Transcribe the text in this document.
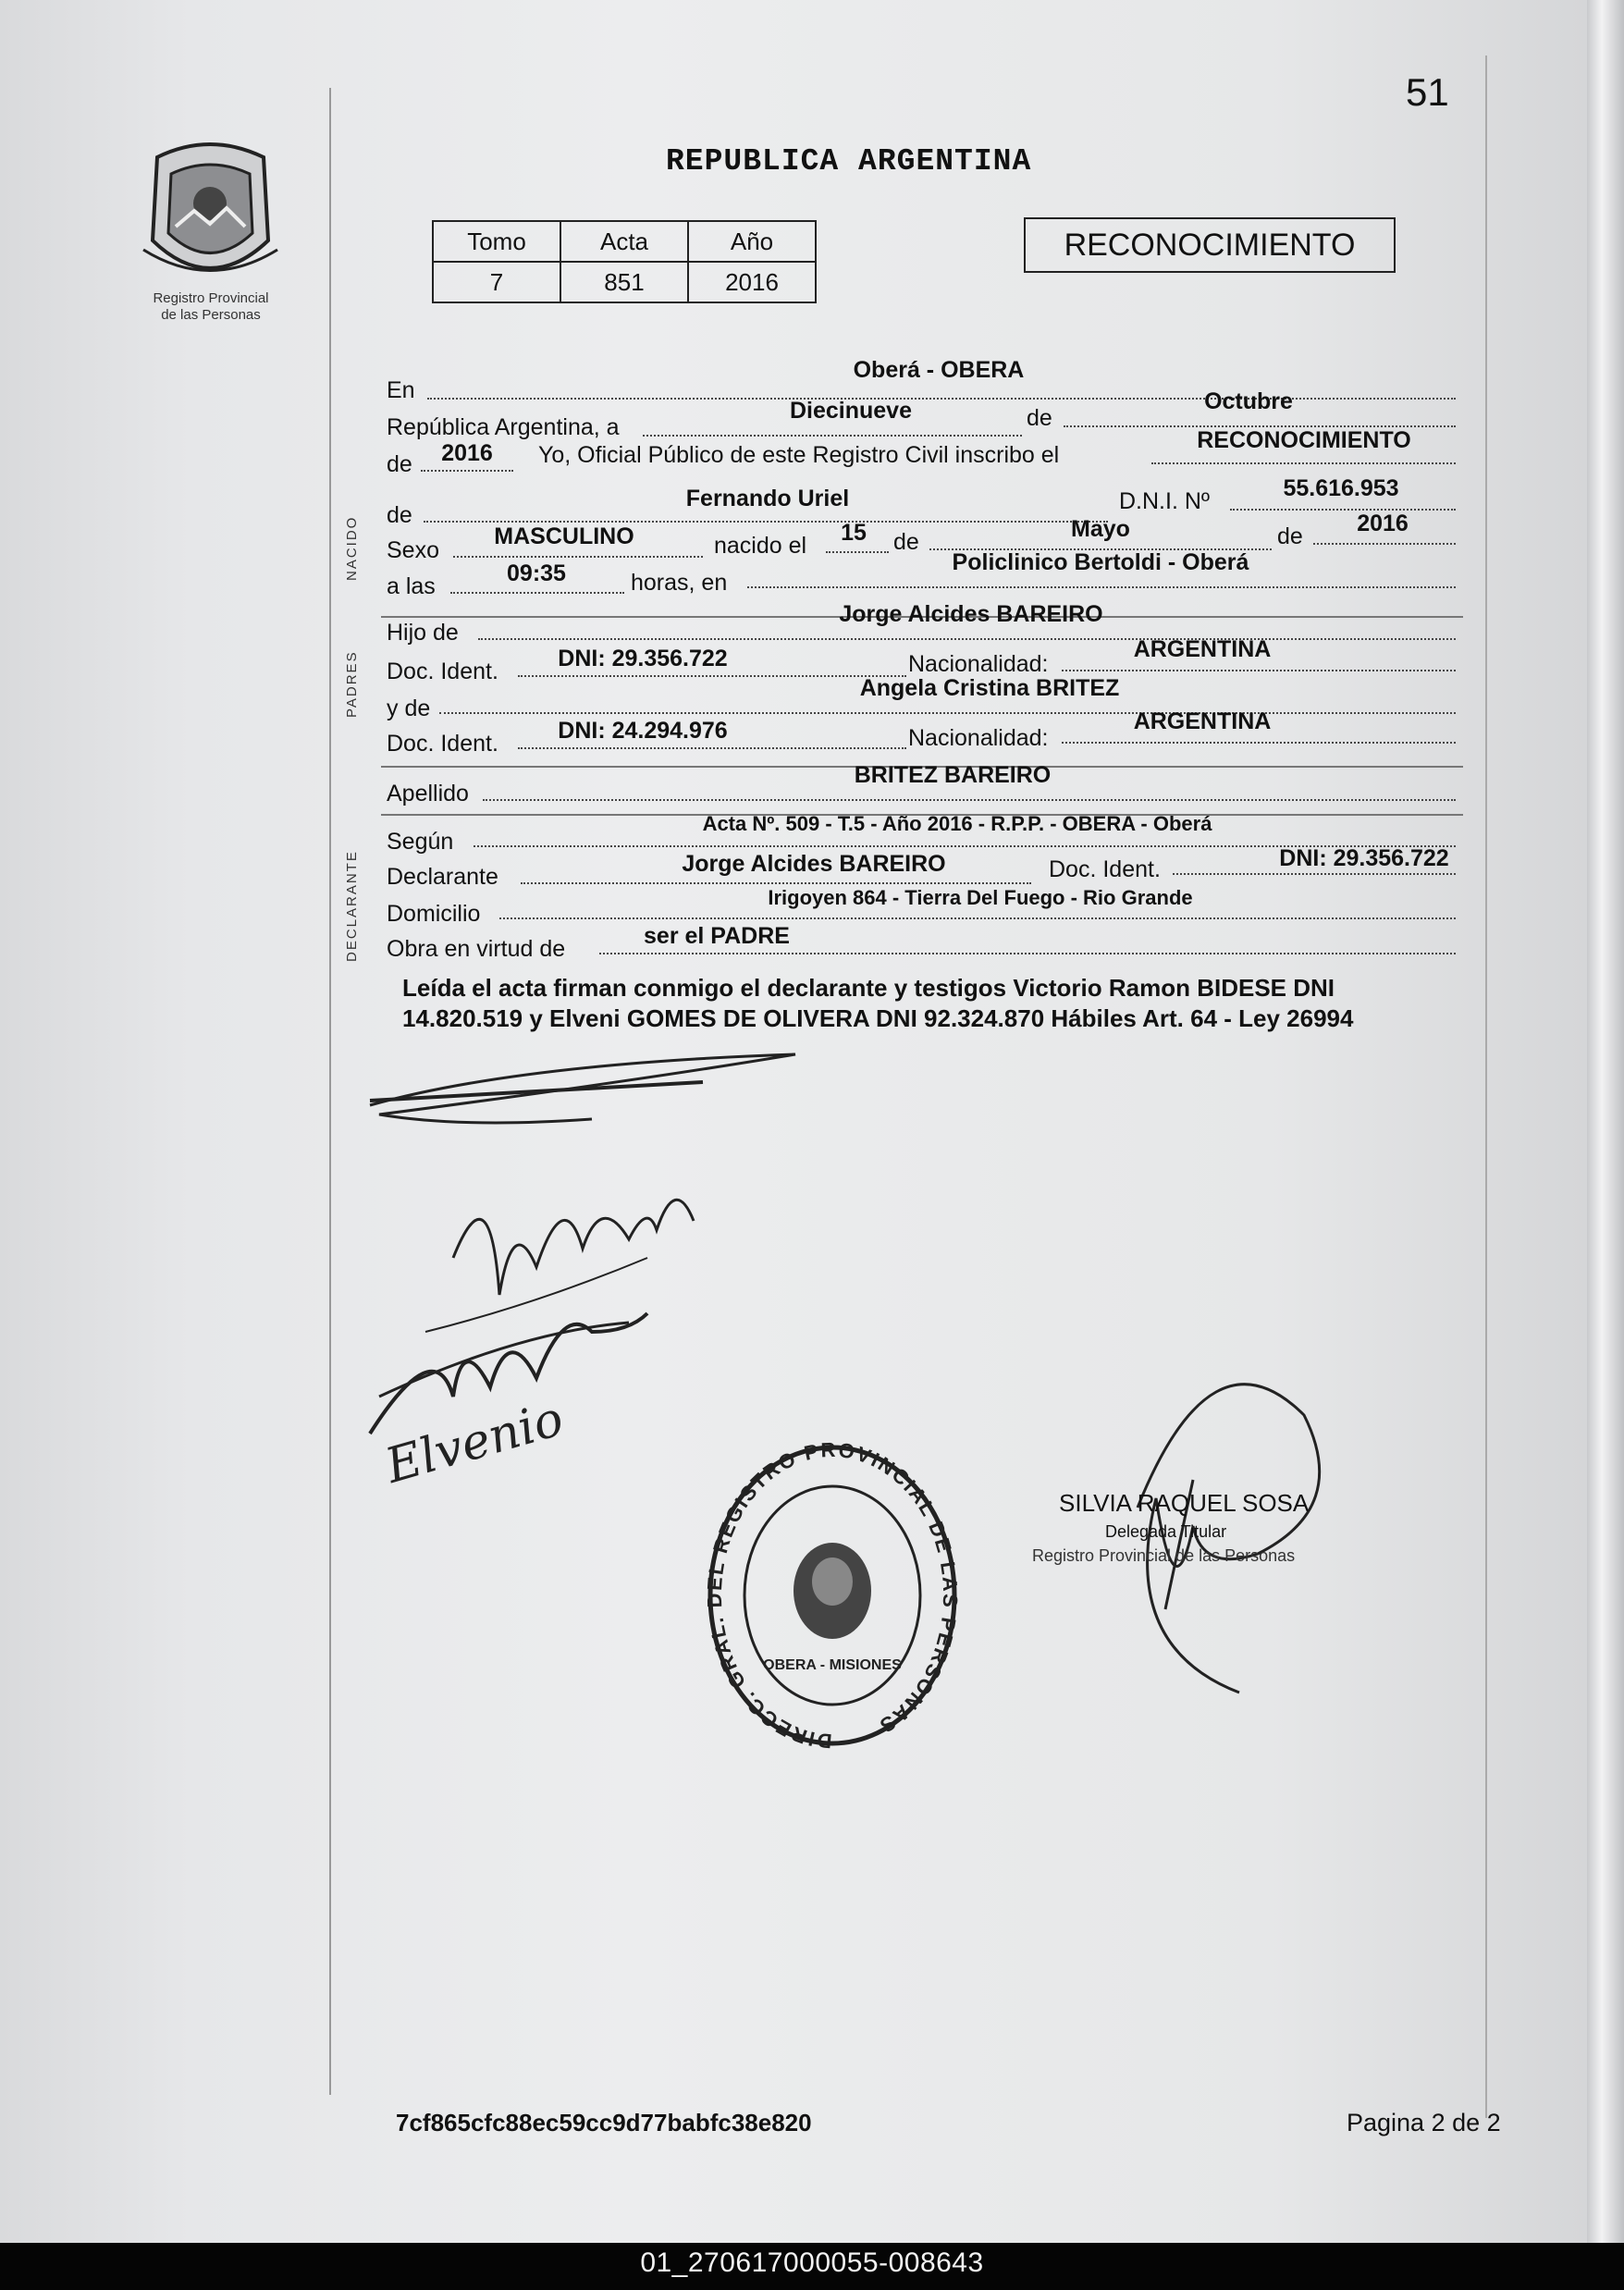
51
Registro Provincial
de las Personas
REPUBLICA ARGENTINA
Tomo	Acta	Año
7	851	2016
RECONOCIMIENTO
En
Oberá - OBERA
República Argentina, a
Diecinueve	de
Octubre
de	2016	Yo, Oficial Público de este Registro Civil inscribo el
RECONOCIMIENTO
NACIDO
de
Fernando Uriel	D.N.I. Nº	55.616.953
Sexo
MASCULINO	nacido el	15	de	Mayo	de	2016
a las	09:35	horas, en
Policlinico Bertoldi - Oberá
PADRES
Hijo de
Jorge Alcides BAREIRO
Doc. Ident.	DNI: 29.356.722	Nacionalidad:
ARGENTINA
y de
Angela Cristina BRITEZ
Doc. Ident.	DNI: 24.294.976	Nacionalidad:
ARGENTINA
Apellido
BRITEZ BAREIRO
DECLARANTE
Según
Acta Nº. 509 - T.5 - Año 2016 - R.P.P. - OBERA - Oberá
Declarante	Jorge Alcides BAREIRO	Doc. Ident.	DNI: 29.356.722
Domicilio
Irigoyen 864 - Tierra Del Fuego - Rio Grande
Obra en virtud de	ser el PADRE
Leída el acta firman conmigo el declarante y testigos Victorio Ramon BIDESE DNI 14.820.519 y Elveni GOMES DE OLIVERA DNI 92.324.870 Hábiles Art. 64 - Ley 26994
Elvenio
DIRECC. GRAL. DEL REGISTRO PROVINCIAL DE LAS PERSONAS
OBERA - MISIONES
SILVIA RAQUEL SOSA
Delegada Titular
Registro Provincial de las Personas
7cf865cfc88ec59cc9d77babfc38e820	Pagina 2 de 2
01_270617000055-008643
